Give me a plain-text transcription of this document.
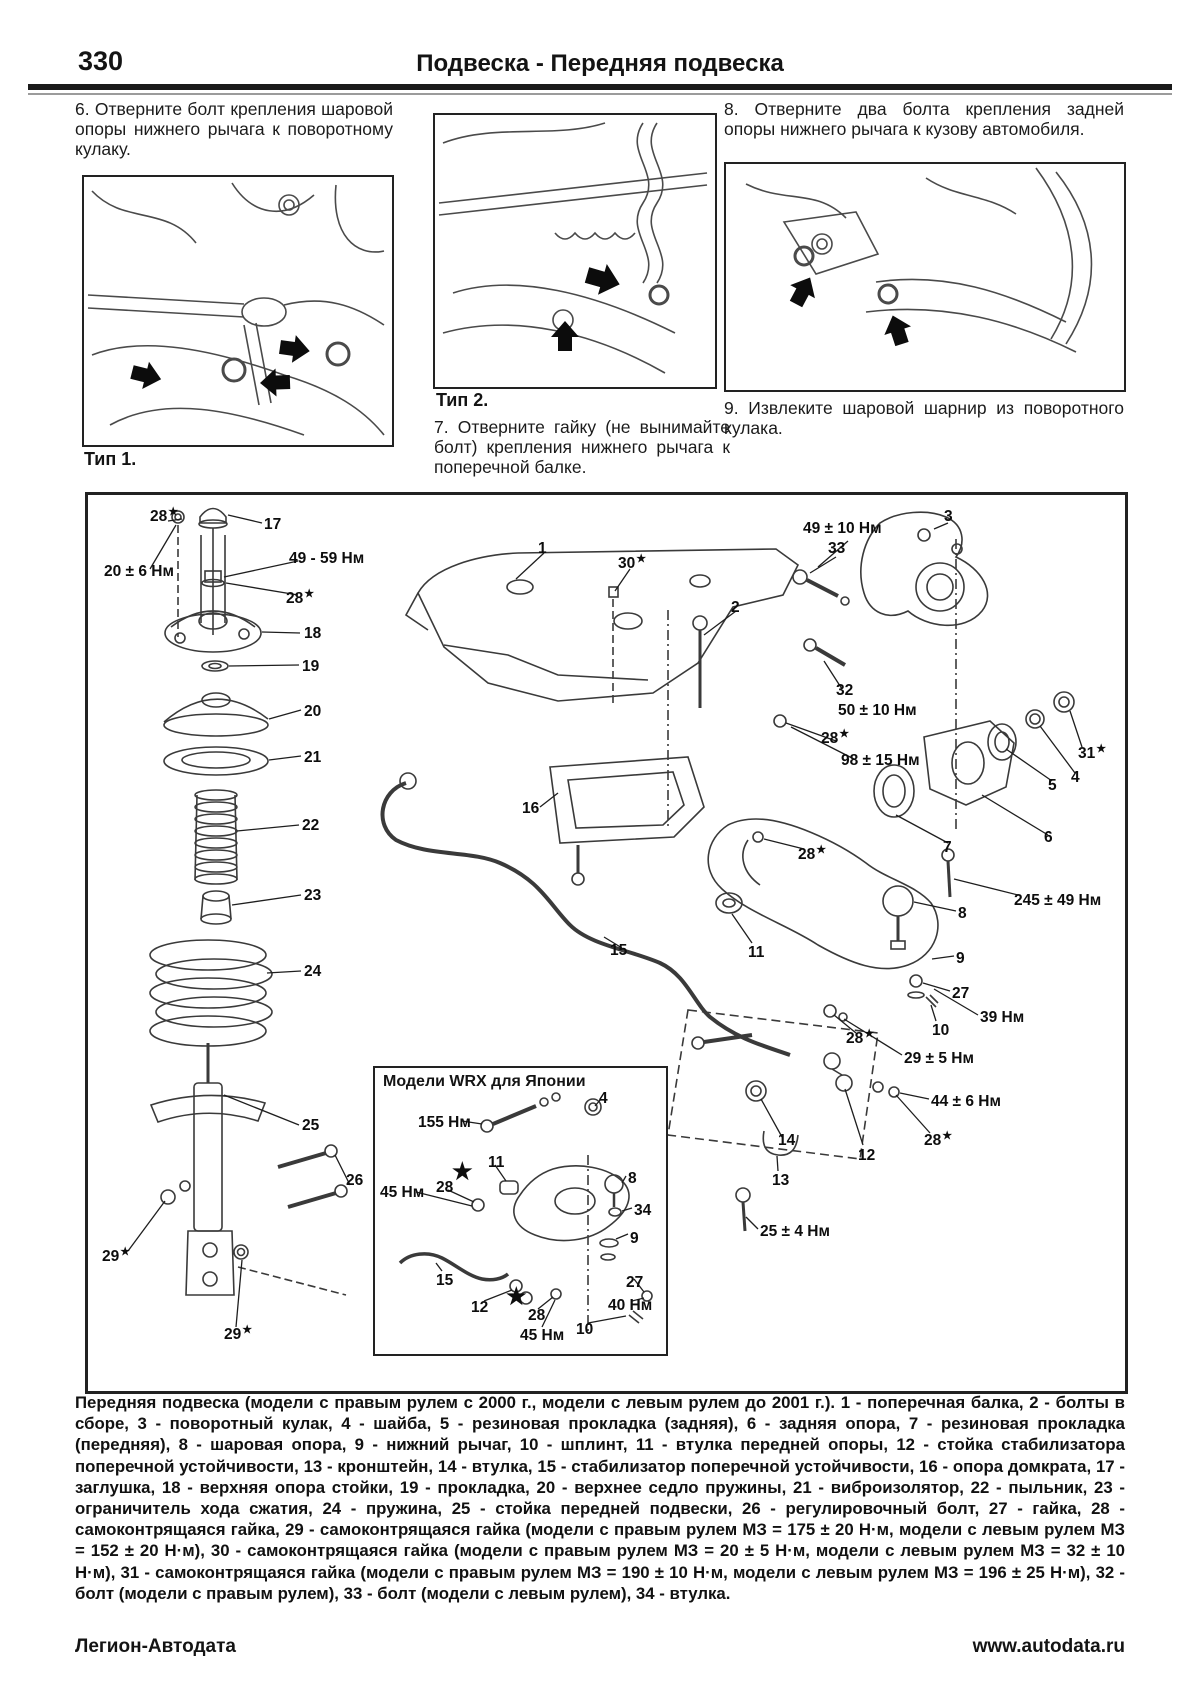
330	Подвеска - Передняя подвеска
6. Отверните болт крепления шаровой опоры нижнего рычага к поворотному кулаку.
8. Отверните два болта крепления задней опоры нижнего рычага к кузову автомобиля.
Тип 1.
Тип 2.
7. Отверните гайку (не вынимайте болт) крепления нижнего рычага к поперечной балке.
9. Извлеките шаровой шарнир из поворотного кулака.
Модели WRX для Японии
28★
17
49 - 59 Нм
20 ± 6 Нм
28★
18
19
20
21
22
23
24
25
26
29★
29★
1
30★
2
49 ± 10 Нм
33
3
32
50 ± 10 Нм
28★
98 ± 15 Нм	31★
5 4
6
7
16
245 ± 49 Нм
28★
8
11	9
15
27
39 Нм
10
28★
29 ± 5 Нм
44 ± 6 Нм
14	28★
12
13
25 ± 4 Нм
155 Нм
4
11
★
28
45 Нм
8
34
9
15
12 ★
28
45 Нм 10
27
40 Нм
Передняя подвеска (модели с правым рулем с 2000 г., модели с левым рулем до 2001 г.). 1 - поперечная балка, 2 - болты в сборе, 3 - поворотный кулак, 4 - шайба, 5 - резиновая прокладка (задняя), 6 - задняя опора, 7 - резиновая прокладка (передняя), 8 - шаровая опора, 9 - нижний рычаг, 10 - шплинт, 11 - втулка передней опоры, 12 - стойка стабилизатора поперечной устойчивости, 13 - кронштейн, 14 - втулка, 15 - стабилизатор поперечной устойчивости, 16 - опора домкрата, 17 - заглушка, 18 - верхняя опора стойки, 19 - прокладка, 20 - верхнее седло пружины, 21 - виброизолятор, 22 - пыльник, 23 - ограничитель хода сжатия, 24 - пружина, 25 - стойка передней подвески, 26 - регулировочный болт, 27 - гайка, 28 - самоконтрящаяся гайка, 29 - самоконтрящаяся гайка (модели с правым рулем МЗ = 175 ± 20 Н·м, модели с левым рулем МЗ = 152 ± 20 Н·м), 30 - самоконтрящаяся гайка (модели с правым рулем МЗ = 20 ± 5 Н·м, модели с левым рулем МЗ = 32 ± 10 Н·м), 31 - самоконтрящаяся гайка (модели с правым рулем МЗ = 190 ± 10 Н·м, модели с левым рулем МЗ = 196 ± 25 Н·м), 32 - болт (модели с правым рулем), 33 - болт (модели с левым рулем), 34 - втулка.
Легион-Автодата	www.autodata.ru
